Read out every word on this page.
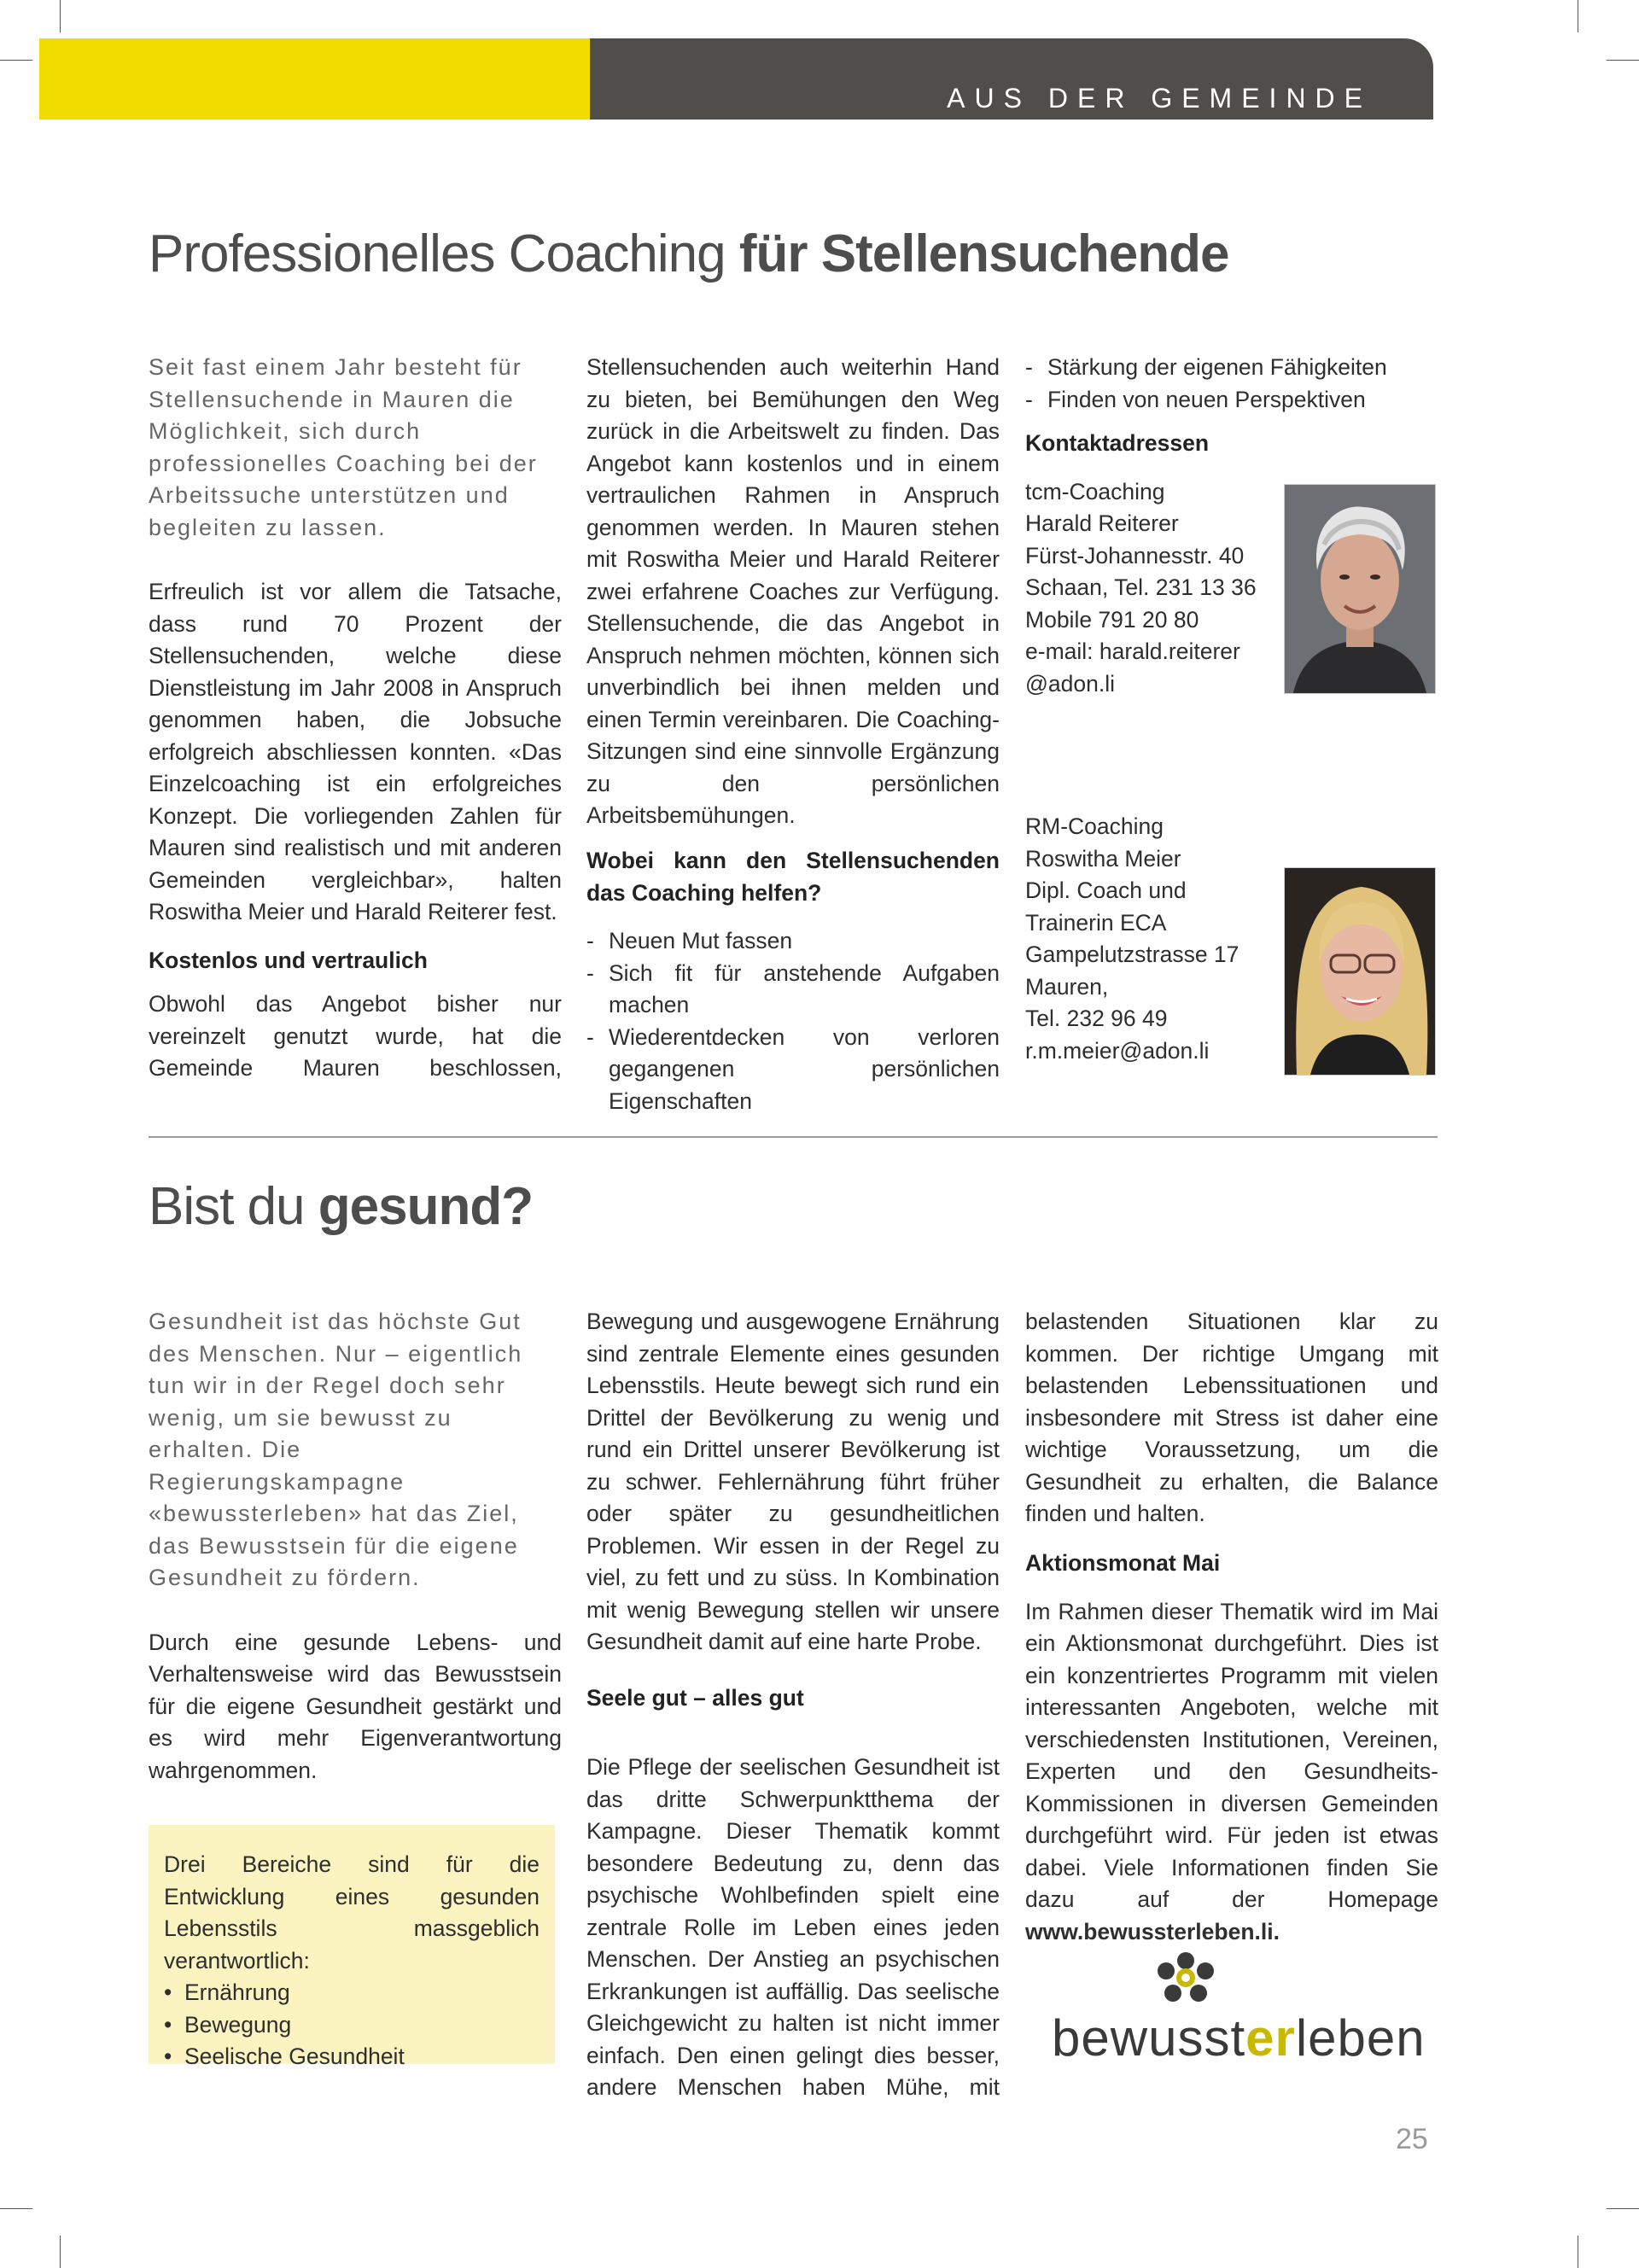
AUS DER GEMEINDE
Professionelles Coaching für Stellensuchende

Seit fast einem Jahr besteht für Stellensuchende in Mauren die Möglichkeit, sich durch professionelles Coaching bei der Arbeitssuche unterstützen und begleiten zu lassen.

Erfreulich ist vor allem die Tatsache, dass rund 70 Prozent der Stellensuchenden, welche diese Dienstleistung im Jahr 2008 in Anspruch genommen haben, die Jobsuche erfolgreich abschliessen konnten. «Das Einzelcoaching ist ein erfolgreiches Konzept. Die vorliegenden Zahlen für Mauren sind realistisch und mit anderen Gemeinden vergleichbar», halten Roswitha Meier und Harald Reiterer fest.

Kostenlos und vertraulich

Obwohl das Angebot bisher nur vereinzelt genutzt wurde, hat die Gemeinde Mauren beschlossen,

Stellensuchenden auch weiterhin Hand zu bieten, bei Bemühungen den Weg zurück in die Arbeitswelt zu finden. Das Angebot kann kostenlos und in einem vertraulichen Rahmen in Anspruch genommen werden. In Mauren stehen mit Roswitha Meier und Harald Reiterer zwei erfahrene Coaches zur Verfügung. Stellensuchende, die das Angebot in Anspruch nehmen möchten, können sich unverbindlich bei ihnen melden und einen Termin vereinbaren. Die Coaching-Sitzungen sind eine sinnvolle Ergänzung zu den persönlichen Arbeitsbemühungen.

Wobei kann den Stellensuchenden das Coaching helfen?

- Neuen Mut fassen
- Sich fit für anstehende Aufgaben machen
- Wiederentdecken von verloren gegangenen persönlichen Eigenschaften
- Stärkung der eigenen Fähigkeiten
- Finden von neuen Perspektiven

Kontaktadressen

tcm-Coaching
Harald Reiterer
Fürst-Johannesstr. 40
Schaan, Tel. 231 13 36
Mobile 791 20 80
e-mail: harald.reiterer
@adon.li
RM-Coaching
Roswitha Meier
Dipl. Coach und Trainerin ECA
Gampelutzstrasse 17
Mauren,
Tel. 232 96 49
r.m.meier@adon.li
Bist du gesund?

Gesundheit ist das höchste Gut des Menschen. Nur – eigentlich tun wir in der Regel doch sehr wenig, um sie bewusst zu erhalten. Die Regierungskampagne «bewussterleben» hat das Ziel, das Bewusstsein für die eigene Gesundheit zu fördern.

Durch eine gesunde Lebens- und Verhaltensweise wird das Bewusstsein für die eigene Gesundheit gestärkt und es wird mehr Eigenverantwortung wahrgenommen.

Drei Bereiche sind für die Entwicklung eines gesunden Lebensstils massgeblich verantwortlich:
• Ernährung
• Bewegung
• Seelische Gesundheit

Bewegung und ausgewogene Ernährung sind zentrale Elemente eines gesunden Lebensstils. Heute bewegt sich rund ein Drittel der Bevölkerung zu wenig und rund ein Drittel unserer Bevölkerung ist zu schwer. Fehlernährung führt früher oder später zu gesundheitlichen Problemen. Wir essen in der Regel zu viel, zu fett und zu süss. In Kombination mit wenig Bewegung stellen wir unsere Gesundheit damit auf eine harte Probe.

Seele gut – alles gut

Die Pflege der seelischen Gesundheit ist das dritte Schwerpunktthema der Kampagne. Dieser Thematik kommt besondere Bedeutung zu, denn das psychische Wohlbefinden spielt eine zentrale Rolle im Leben eines jeden Menschen. Der Anstieg an psychischen Erkrankungen ist auffällig. Das seelische Gleichgewicht zu halten ist nicht immer einfach. Den einen gelingt dies besser, andere Menschen haben Mühe, mit

belastenden Situationen klar zu kommen. Der richtige Umgang mit belastenden Lebenssituationen und insbesondere mit Stress ist daher eine wichtige Voraussetzung, um die Gesundheit zu erhalten, die Balance finden und halten.

Aktionsmonat Mai

Im Rahmen dieser Thematik wird im Mai ein Aktionsmonat durchgeführt. Dies ist ein konzentriertes Programm mit vielen interessanten Angeboten, welche mit verschiedensten Institutionen, Vereinen, Experten und den Gesundheits-Kommissionen in diversen Gemeinden durchgeführt wird. Für jeden ist etwas dabei. Viele Informationen finden Sie dazu auf der Homepage www.bewussterleben.li.

bewussterleben
25
